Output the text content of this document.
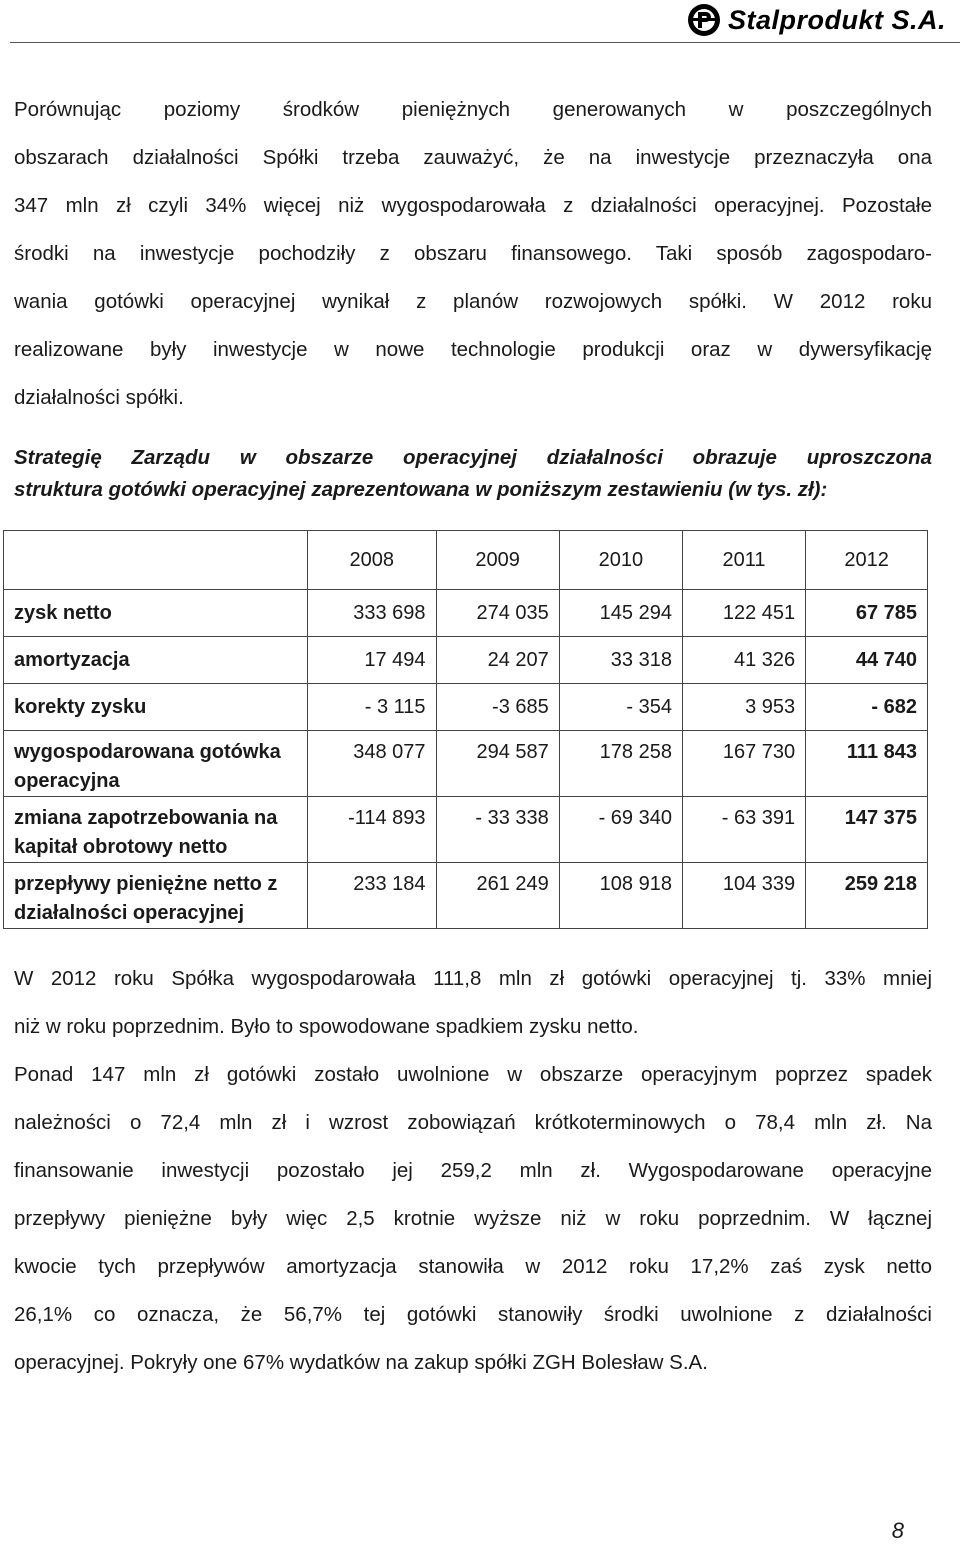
Stalprodukt S.A.
Porównując poziomy środków pieniężnych generowanych w poszczególnych
obszarach działalności Spółki trzeba zauważyć, że na inwestycje przeznaczyła ona
347 mln zł czyli 34% więcej niż wygospodarowała z działalności operacyjnej. Pozostałe
środki na inwestycje pochodziły z obszaru finansowego. Taki sposób zagospodaro-
wania gotówki operacyjnej wynikał z planów rozwojowych spółki. W 2012 roku
realizowane były inwestycje w nowe technologie produkcji oraz w dywersyfikację
działalności spółki.
Strategię Zarządu w obszarze operacyjnej działalności obrazuje uproszczona
struktura gotówki operacyjnej zaprezentowana w poniższym zestawieniu (w tys. zł):
	2008	2009	2010	2011	2012
zysk netto	333 698	274 035	145 294	122 451	67 785
amortyzacja	17 494	24 207	33 318	41 326	44 740
korekty zysku	- 3 115	-3 685	- 354	3 953	- 682
wygospodarowana gotówka operacyjna	348 077	294 587	178 258	167 730	111 843
zmiana zapotrzebowania na kapitał obrotowy netto	-114 893	- 33 338	- 69 340	- 63 391	147 375
przepływy pieniężne netto z działalności operacyjnej	233 184	261 249	108 918	104 339	259 218
W 2012 roku Spółka wygospodarowała 111,8 mln zł gotówki operacyjnej tj. 33% mniej
niż w roku poprzednim. Było to spowodowane spadkiem zysku netto.
Ponad 147 mln zł gotówki zostało uwolnione w obszarze operacyjnym poprzez spadek
należności o 72,4 mln zł i wzrost zobowiązań krótkoterminowych o 78,4 mln zł. Na
finansowanie inwestycji pozostało jej 259,2 mln zł. Wygospodarowane operacyjne
przepływy pieniężne były więc 2,5 krotnie wyższe niż w roku poprzednim. W łącznej
kwocie tych przepływów amortyzacja stanowiła w 2012 roku 17,2% zaś zysk netto
26,1% co oznacza, że 56,7% tej gotówki stanowiły środki uwolnione z działalności
operacyjnej. Pokryły one 67% wydatków na zakup spółki ZGH Bolesław S.A.
8
